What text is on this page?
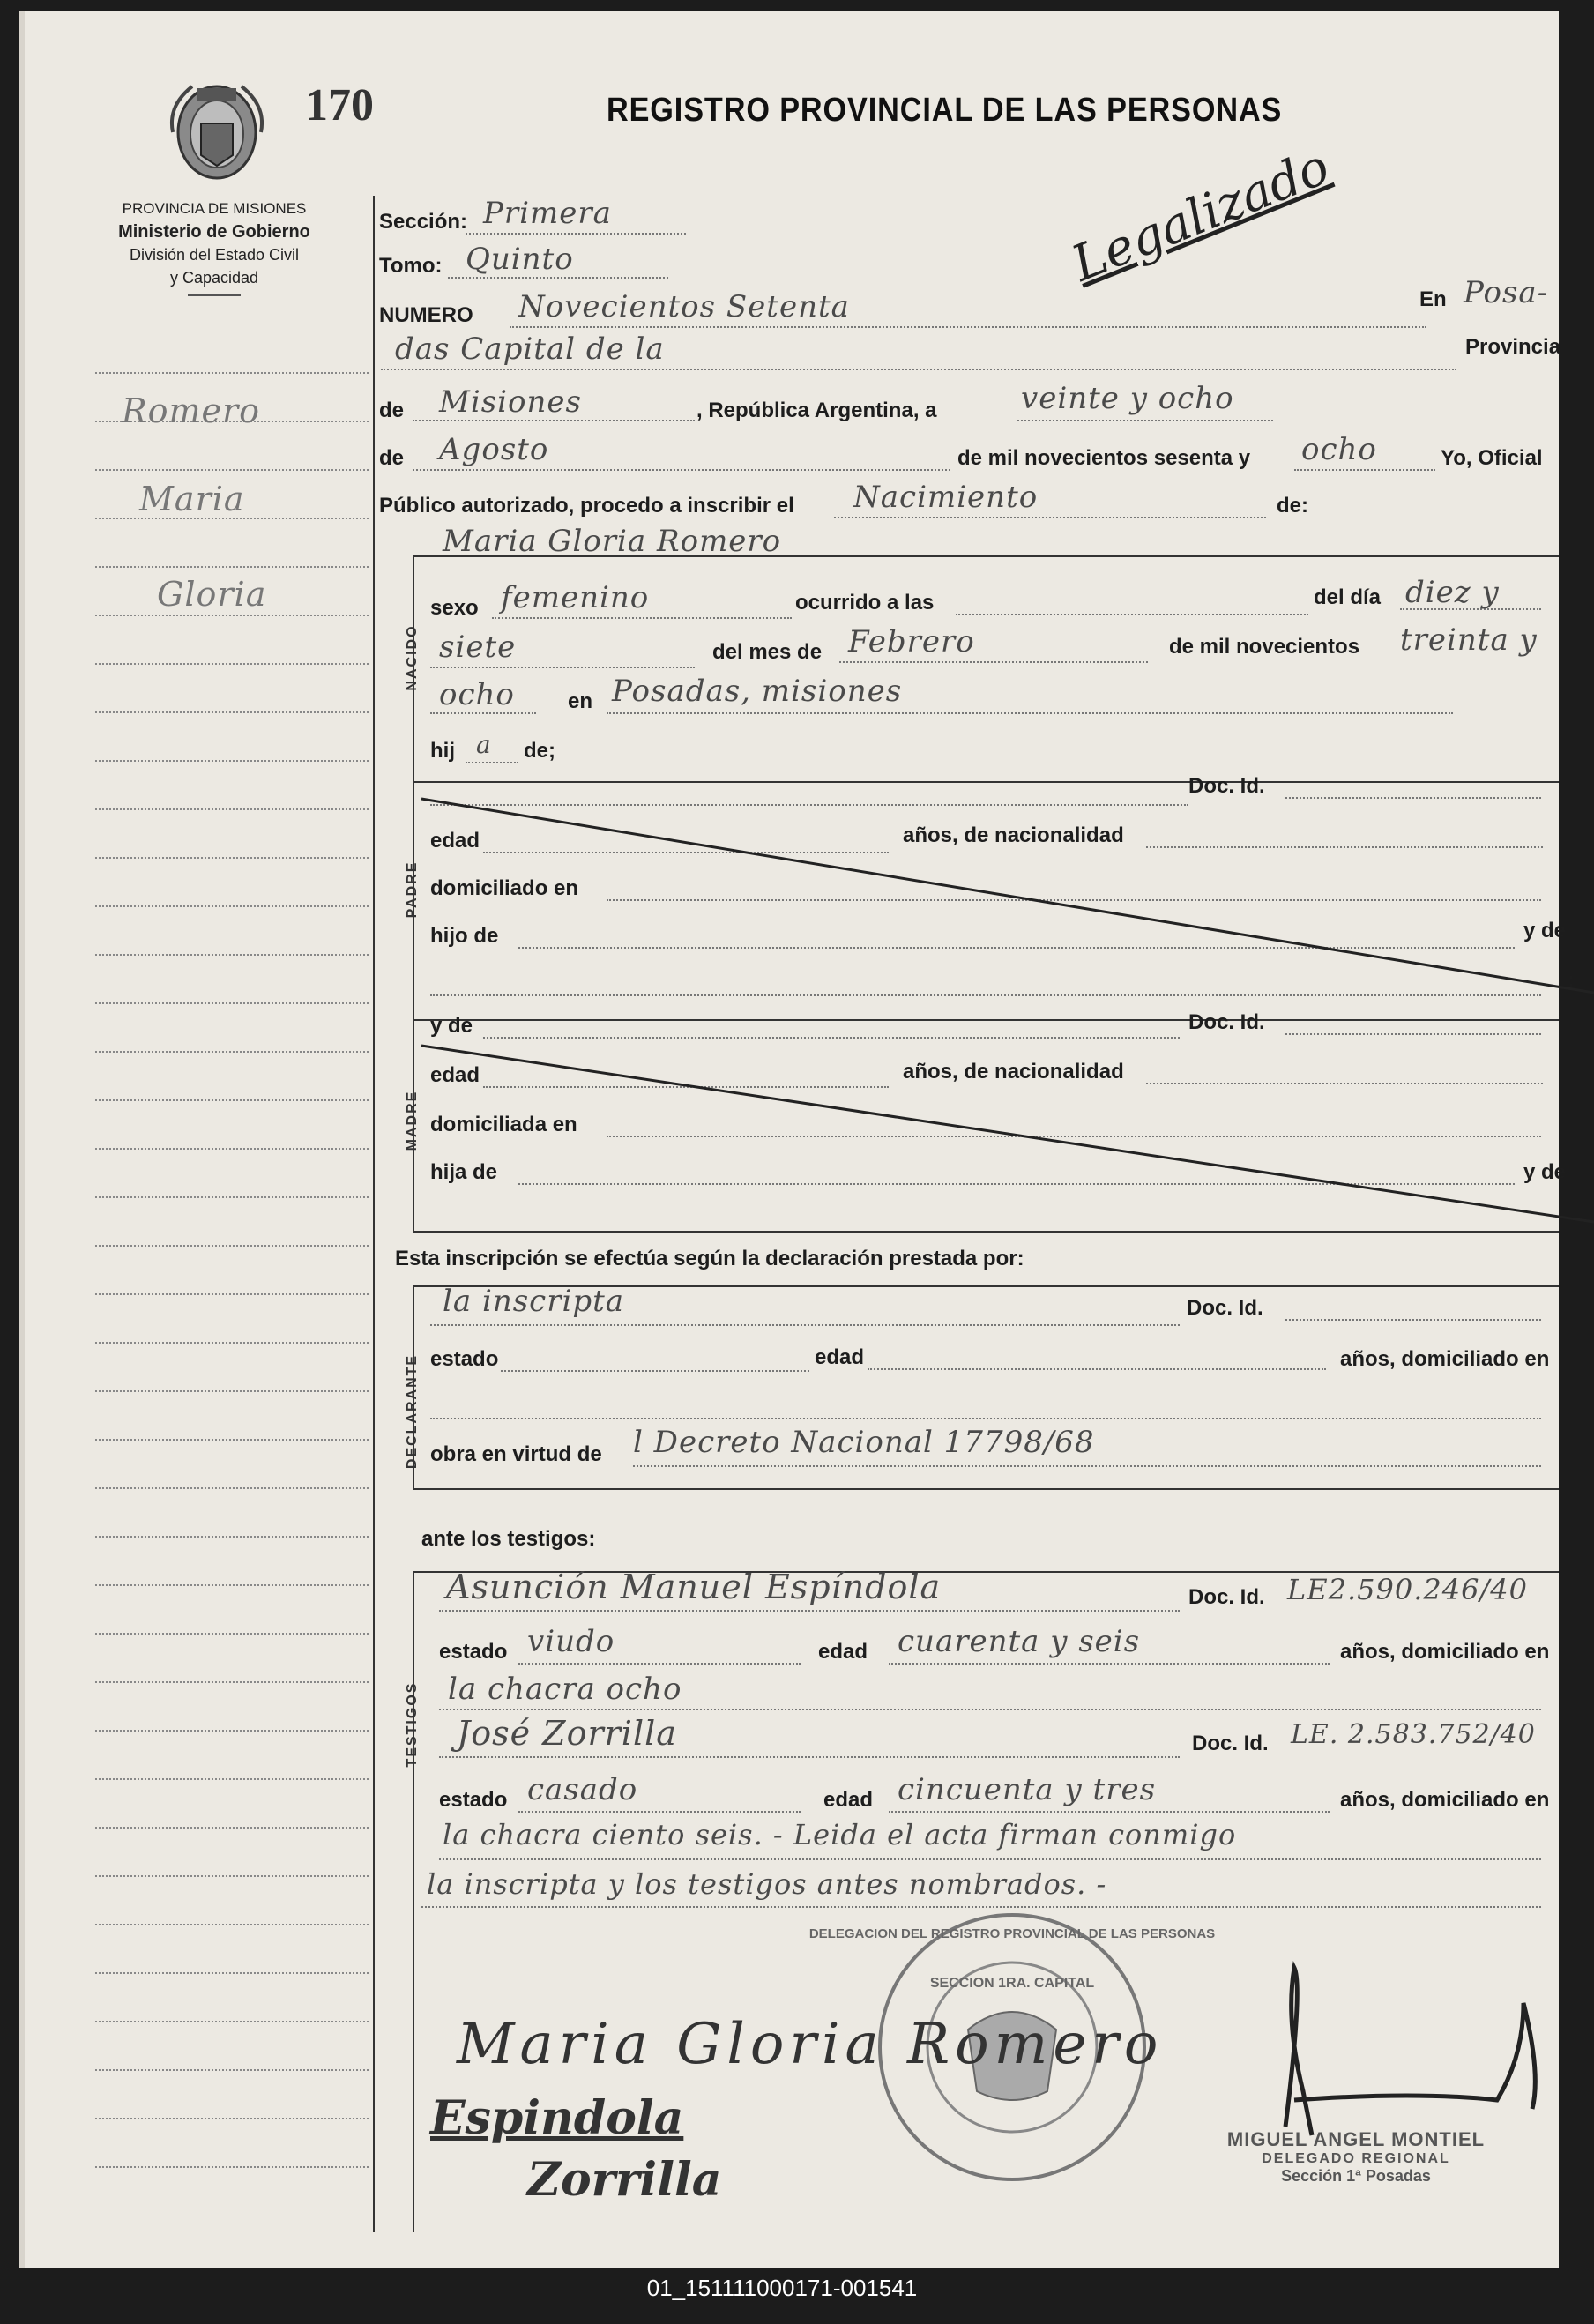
170	REGISTRO PROVINCIAL DE LAS PERSONAS
Legalizado
PROVINCIA DE MISIONES
Ministerio de Gobierno
División del Estado Civil
y Capacidad
Romero
Maria
Gloria
Sección: Primera
Tomo: Quinto
NUMERO Novecientos Setenta	En Posa-
das Capital de la	Provincia
de Misiones	, República Argentina, a	veinte y ocho
de Agosto	de mil novecientos sesenta y ocho	Yo, Oficial
Público autorizado, procedo a inscribir el Nacimiento	de:
Maria Gloria Romero
NACIDO
sexo femenino	ocurrido a las	del día diez y
siete	del mes de Febrero	de mil novecientos treinta y
ocho	en Posadas, misiones
hij a de;
Doc. Id.
PADRE
edad	años, de nacionalidad
domiciliado en
hijo de	y de
;
y de	Doc. Id.
MADRE
edad	años, de nacionalidad
domiciliada en
hija de	y de
Esta inscripción se efectúa según la declaración prestada por:
DECLARANTE
la inscripta	Doc. Id.
estado	edad	años, domiciliado en
obra en virtud de l Decreto Nacional 17798/68
ante los testigos:
TESTIGOS
Asunción Manuel Espíndola	Doc. Id. LE2.590.246/40
estado viudo	edad cuarenta y seis	años, domiciliado en
la chacra ocho
José Zorrilla	Doc. Id. LE. 2.583.752/40
estado casado	edad cincuenta y tres	años, domiciliado en
la chacra ciento seis. - Leida el acta firman conmigo
la inscripta y los testigos antes nombrados. -
DELEGACION DEL REGISTRO PROVINCIAL DE LAS PERSONAS
SECCION 1RA. CAPITAL
Maria Gloria Romero
Espindola
Zorrilla
MIGUEL ANGEL MONTIEL
DELEGADO REGIONAL
Sección 1ª Posadas
01_151111000171-001541
